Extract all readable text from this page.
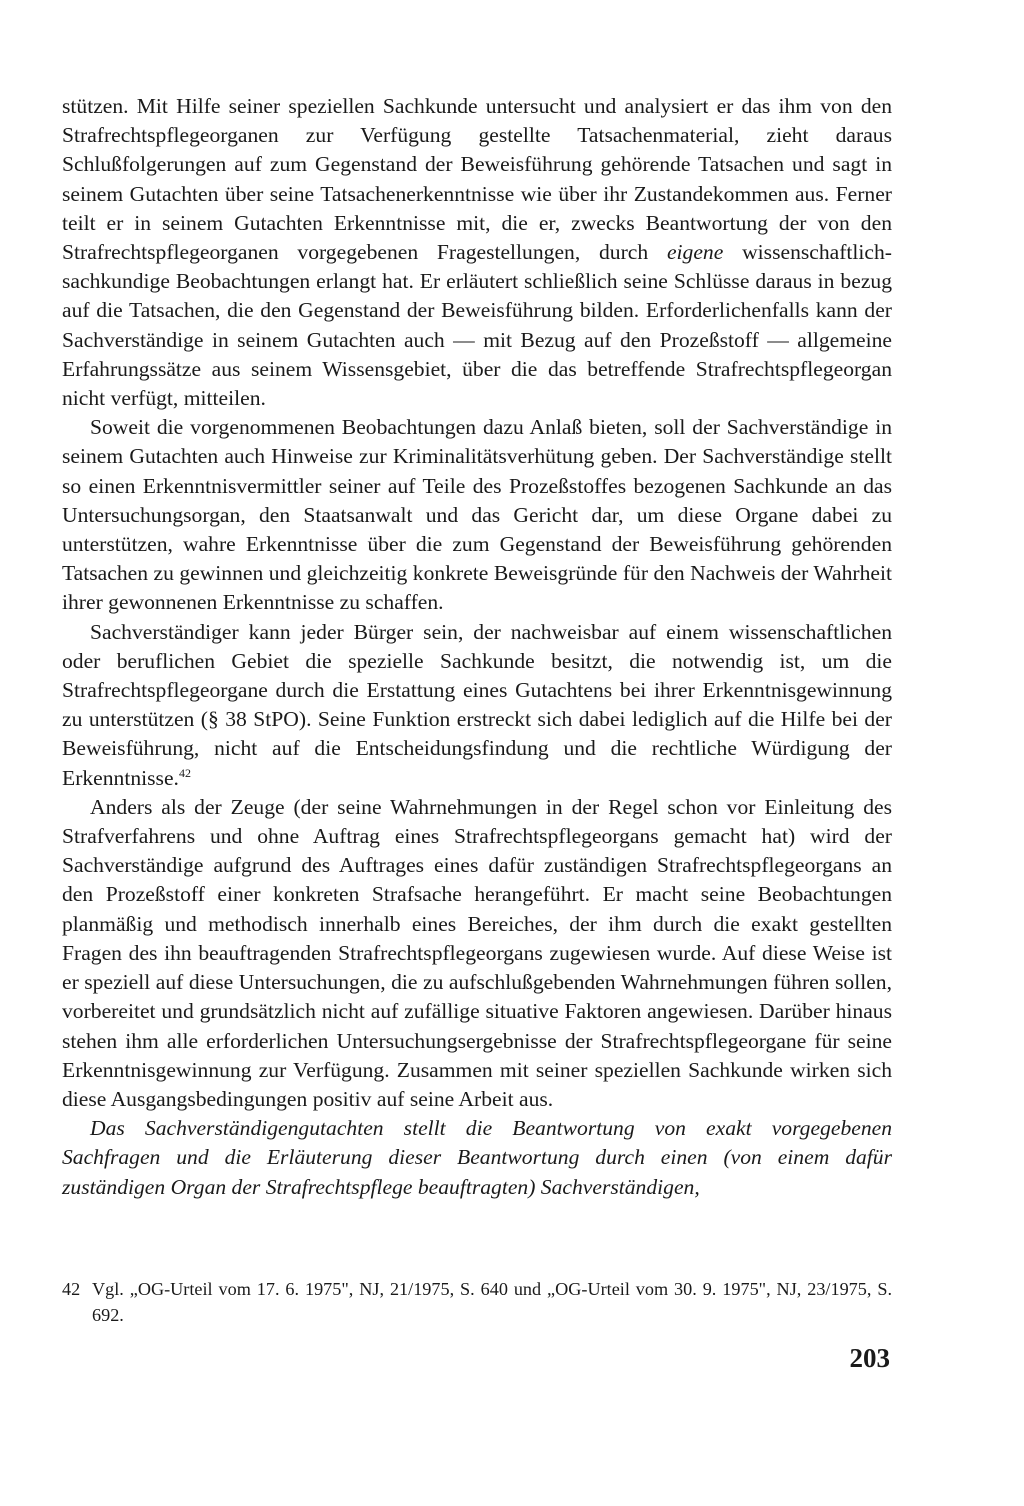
stützen. Mit Hilfe seiner speziellen Sachkunde untersucht und analysiert er das ihm von den Strafrechtspflegeorganen zur Verfügung gestellte Tatsachenmaterial, zieht daraus Schlußfolgerungen auf zum Gegenstand der Beweisführung gehörende Tatsachen und sagt in seinem Gutachten über seine Tatsachenerkenntnisse wie über ihr Zustandekommen aus. Ferner teilt er in seinem Gutachten Erkenntnisse mit, die er, zwecks Beantwortung der von den Strafrechtspflegeorganen vorgegebenen Fragestellungen, durch eigene wissenschaftlich-sachkundige Beobachtungen erlangt hat. Er erläutert schließlich seine Schlüsse daraus in bezug auf die Tatsachen, die den Gegenstand der Beweisführung bilden. Erforderlichenfalls kann der Sachverständige in seinem Gutachten auch — mit Bezug auf den Prozeßstoff — allgemeine Erfahrungssätze aus seinem Wissensgebiet, über die das betreffende Strafrechtspflegeorgan nicht verfügt, mitteilen.

Soweit die vorgenommenen Beobachtungen dazu Anlaß bieten, soll der Sachverständige in seinem Gutachten auch Hinweise zur Kriminalitätsverhütung geben. Der Sachverständige stellt so einen Erkenntnisvermittler seiner auf Teile des Prozeßstoffes bezogenen Sachkunde an das Untersuchungsorgan, den Staatsanwalt und das Gericht dar, um diese Organe dabei zu unterstützen, wahre Erkenntnisse über die zum Gegenstand der Beweisführung gehörenden Tatsachen zu gewinnen und gleichzeitig konkrete Beweisgründe für den Nachweis der Wahrheit ihrer gewonnenen Erkenntnisse zu schaffen.

Sachverständiger kann jeder Bürger sein, der nachweisbar auf einem wissenschaftlichen oder beruflichen Gebiet die spezielle Sachkunde besitzt, die notwendig ist, um die Strafrechtspflegeorgane durch die Erstattung eines Gutachtens bei ihrer Erkenntnisgewinnung zu unterstützen (§ 38 StPO). Seine Funktion erstreckt sich dabei lediglich auf die Hilfe bei der Beweisführung, nicht auf die Entscheidungsfindung und die rechtliche Würdigung der Erkenntnisse.$^{42}$

Anders als der Zeuge (der seine Wahrnehmungen in der Regel schon vor Einleitung des Strafverfahrens und ohne Auftrag eines Strafrechtspflegeorgans gemacht hat) wird der Sachverständige aufgrund des Auftrages eines dafür zuständigen Strafrechtspflegeorgans an den Prozeßstoff einer konkreten Strafsache herangeführt. Er macht seine Beobachtungen planmäßig und methodisch innerhalb eines Bereiches, der ihm durch die exakt gestellten Fragen des ihn beauftragenden Strafrechtspflegeorgans zugewiesen wurde. Auf diese Weise ist er speziell auf diese Untersuchungen, die zu aufschlußgebenden Wahrnehmungen führen sollen, vorbereitet und grundsätzlich nicht auf zufällige situative Faktoren angewiesen. Darüber hinaus stehen ihm alle erforderlichen Untersuchungsergebnisse der Strafrechtspflegeorgane für seine Erkenntnisgewinnung zur Verfügung. Zusammen mit seiner speziellen Sachkunde wirken sich diese Ausgangsbedingungen positiv auf seine Arbeit aus.

Das Sachverständigengutachten stellt die Beantwortung von exakt vorgegebenen Sachfragen und die Erläuterung dieser Beantwortung durch einen (von einem dafür zuständigen Organ der Strafrechtspflege beauftragten) Sachverständigen,

42 Vgl. „OG-Urteil vom 17. 6. 1975", NJ, 21/1975, S. 640 und „OG-Urteil vom 30. 9. 1975", NJ, 23/1975, S. 692.
203
